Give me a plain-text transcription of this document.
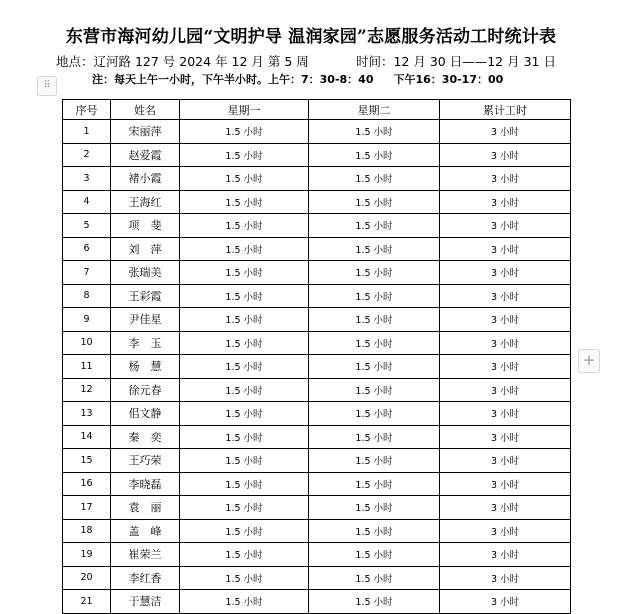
东营市海河幼儿园“文明护导 温润家园”志愿服务活动工时统计表
地点：辽河路 127 号 2024 年 12 月 第 5 周	时间：12 月 30 日——12 月 31 日
注：每天上午一小时，下午半小时。上午：7：30-8：40 下午16：30-17：00
⠿
+
序号	姓名	星期一	星期二	累计工时
1	宋丽萍	1.5 小时	1.5 小时	3 小时
2	赵爱霞	1.5 小时	1.5 小时	3 小时
3	褚小霞	1.5 小时	1.5 小时	3 小时
4	王海红	1.5 小时	1.5 小时	3 小时
5	项　斐	1.5 小时	1.5 小时	3 小时
6	刘　萍	1.5 小时	1.5 小时	3 小时
7	张瑞美	1.5 小时	1.5 小时	3 小时
8	王彩霞	1.5 小时	1.5 小时	3 小时
9	尹佳星	1.5 小时	1.5 小时	3 小时
10	李　玉	1.5 小时	1.5 小时	3 小时
11	杨　慧	1.5 小时	1.5 小时	3 小时
12	徐元春	1.5 小时	1.5 小时	3 小时
13	佀文静	1.5 小时	1.5 小时	3 小时
14	秦　奕	1.5 小时	1.5 小时	3 小时
15	王巧荣	1.5 小时	1.5 小时	3 小时
16	李晓磊	1.5 小时	1.5 小时	3 小时
17	袁　丽	1.5 小时	1.5 小时	3 小时
18	盖　峰	1.5 小时	1.5 小时	3 小时
19	崔荣兰	1.5 小时	1.5 小时	3 小时
20	李红香	1.5 小时	1.5 小时	3 小时
21	于慧洁	1.5 小时	1.5 小时	3 小时
